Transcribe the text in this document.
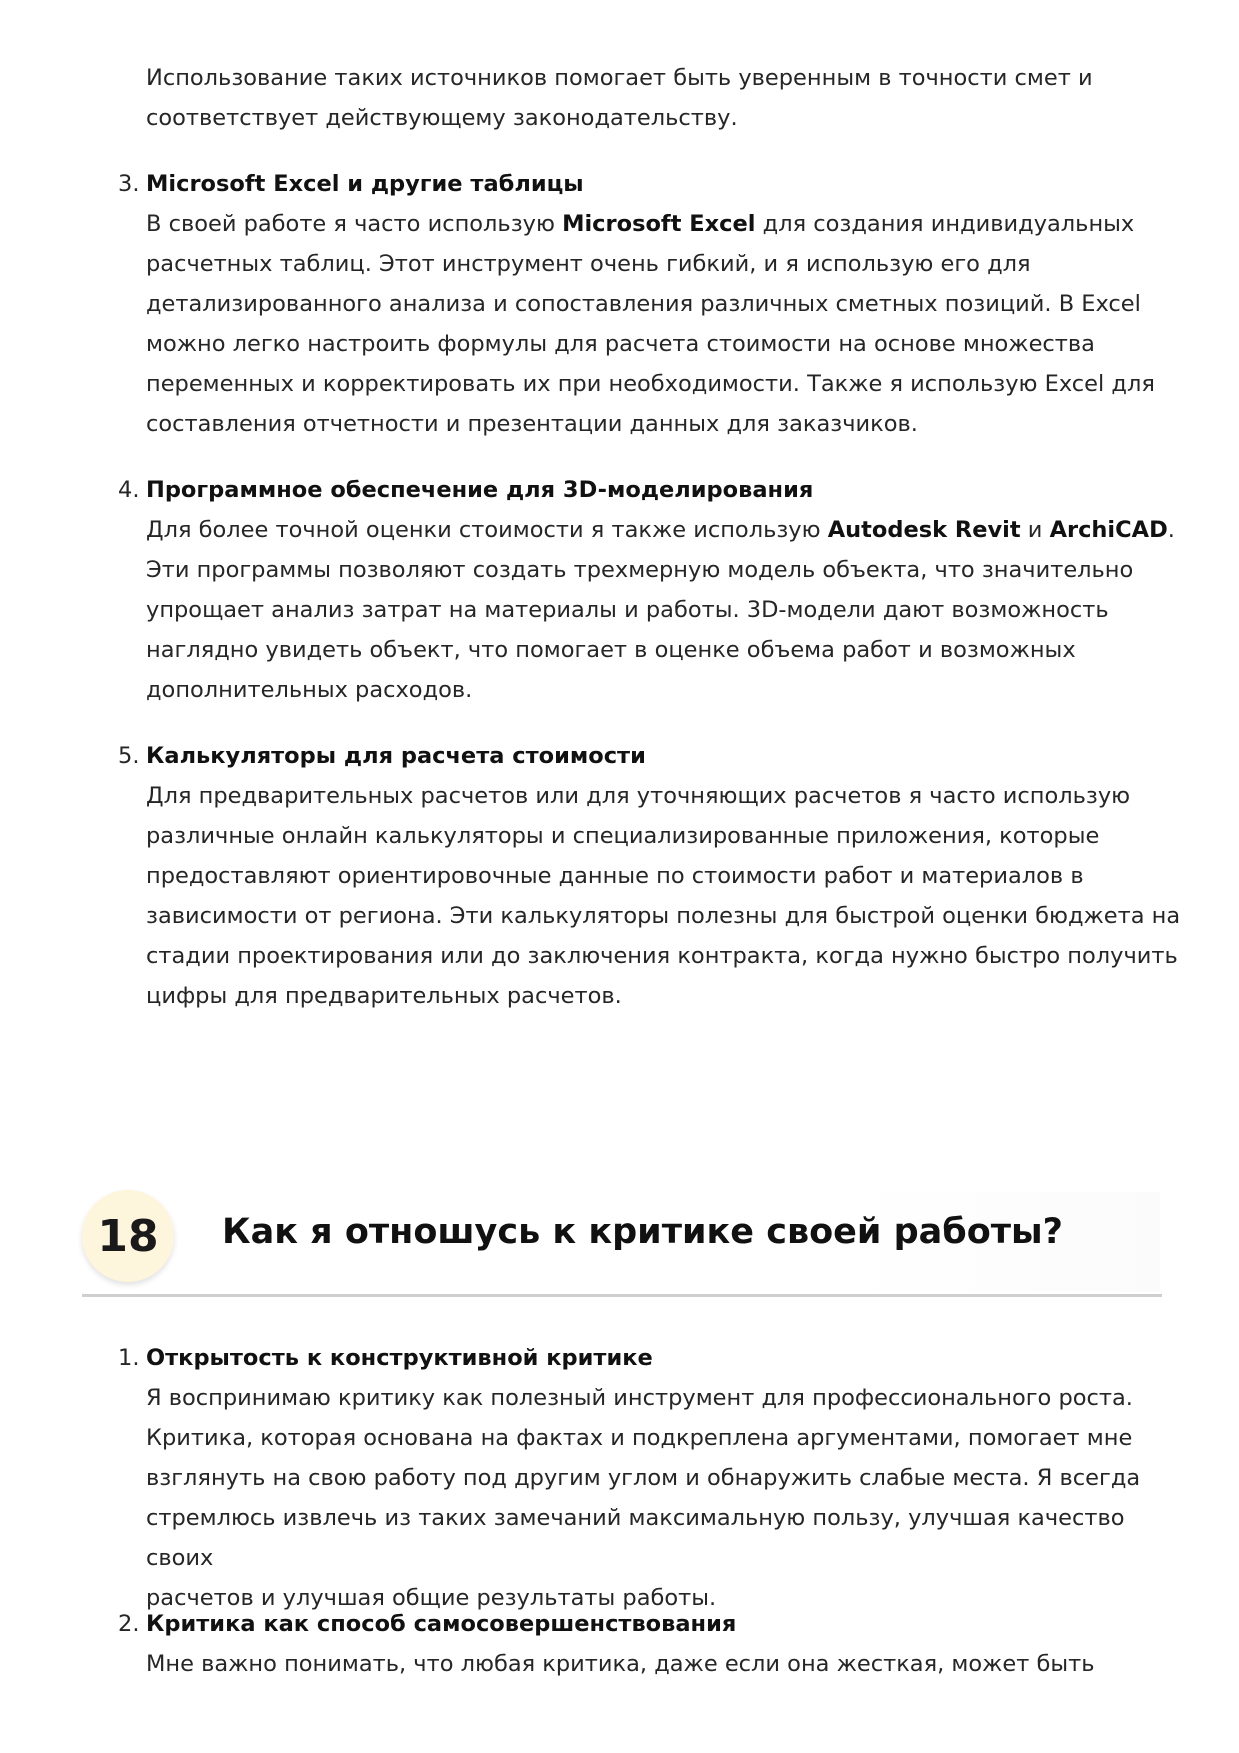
Использование таких источников помогает быть уверенным в точности смет и
соответствует действующему законодательству.
3. Microsoft Excel и другие таблицы
В своей работе я часто использую Microsoft Excel для создания индивидуальных
расчетных таблиц. Этот инструмент очень гибкий, и я использую его для
детализированного анализа и сопоставления различных сметных позиций. В Excel
можно легко настроить формулы для расчета стоимости на основе множества
переменных и корректировать их при необходимости. Также я использую Excel для
составления отчетности и презентации данных для заказчиков.
4. Программное обеспечение для 3D-моделирования
Для более точной оценки стоимости я также использую Autodesk Revit и ArchiCAD.
Эти программы позволяют создать трехмерную модель объекта, что значительно
упрощает анализ затрат на материалы и работы. 3D-модели дают возможность
наглядно увидеть объект, что помогает в оценке объема работ и возможных
дополнительных расходов.
5. Калькуляторы для расчета стоимости
Для предварительных расчетов или для уточняющих расчетов я часто использую
различные онлайн калькуляторы и специализированные приложения, которые
предоставляют ориентировочные данные по стоимости работ и материалов в
зависимости от региона. Эти калькуляторы полезны для быстрой оценки бюджета на
стадии проектирования или до заключения контракта, когда нужно быстро получить
цифры для предварительных расчетов.
18	Как я отношусь к критике своей работы?
1. Открытость к конструктивной критике
Я воспринимаю критику как полезный инструмент для профессионального роста.
Критика, которая основана на фактах и подкреплена аргументами, помогает мне
взглянуть на свою работу под другим углом и обнаружить слабые места. Я всегда
стремлюсь извлечь из таких замечаний максимальную пользу, улучшая качество своих
расчетов и улучшая общие результаты работы.
2. Критика как способ самосовершенствования
Мне важно понимать, что любая критика, даже если она жесткая, может быть
